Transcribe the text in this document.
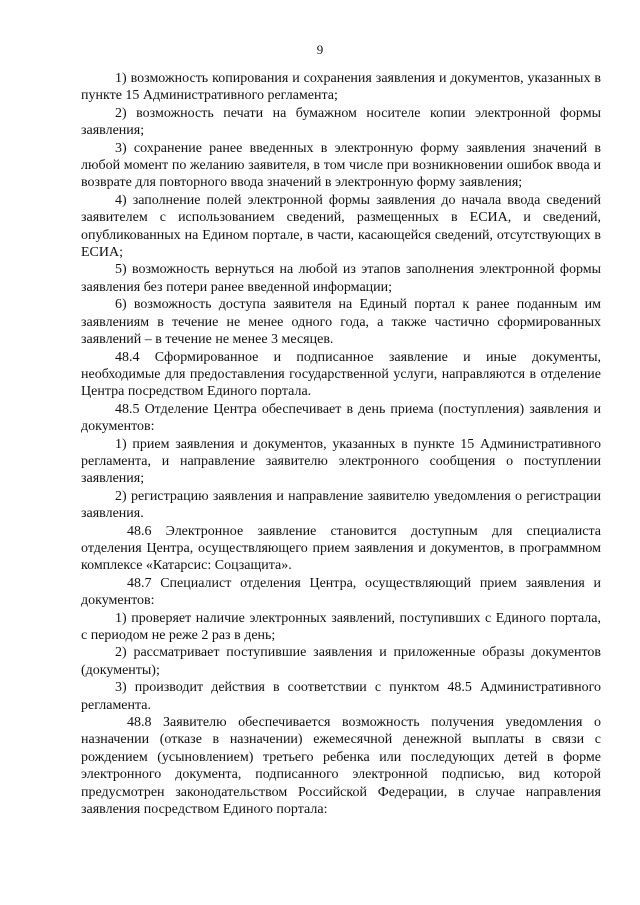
9

1) возможность копирования и сохранения заявления и документов, указанных в пункте 15 Административного регламента;

2) возможность печати на бумажном носителе копии электронной формы заявления;

3) сохранение ранее введенных в электронную форму заявления значений в любой момент по желанию заявителя, в том числе при возникновении ошибок ввода и возврате для повторного ввода значений в электронную форму заявления;

4) заполнение полей электронной формы заявления до начала ввода сведений заявителем с использованием сведений, размещенных в ЕСИА, и сведений, опубликованных на Едином портале, в части, касающейся сведений, отсутствующих в ЕСИА;

5) возможность вернуться на любой из этапов заполнения электронной формы заявления без потери ранее введенной информации;

6) возможность доступа заявителя на Единый портал к ранее поданным им заявлениям в течение не менее одного года, а также частично сформированных заявлений – в течение не менее 3 месяцев.

48.4 Сформированное и подписанное заявление и иные документы, необходимые для предоставления государственной услуги, направляются в отделение Центра посредством Единого портала.

48.5 Отделение Центра обеспечивает в день приема (поступления) заявления и документов:

1) прием заявления и документов, указанных в пункте 15 Административного регламента, и направление заявителю электронного сообщения о поступлении заявления;

2) регистрацию заявления и направление заявителю уведомления о регистрации заявления.

48.6 Электронное заявление становится доступным для специалиста отделения Центра, осуществляющего прием заявления и документов, в программном комплексе «Катарсис: Соцзащита».

48.7 Специалист отделения Центра, осуществляющий прием заявления и документов:

1) проверяет наличие электронных заявлений, поступивших с Единого портала, с периодом не реже 2 раз в день;

2) рассматривает поступившие заявления и приложенные образы документов (документы);

3) производит действия в соответствии с пунктом 48.5 Административного регламента.

48.8 Заявителю обеспечивается возможность получения уведомления о назначении (отказе в назначении) ежемесячной денежной выплаты в связи с рождением (усыновлением) третьего ребенка или последующих детей в форме электронного документа, подписанного электронной подписью, вид которой предусмотрен законодательством Российской Федерации, в случае направления заявления посредством Единого портала:
